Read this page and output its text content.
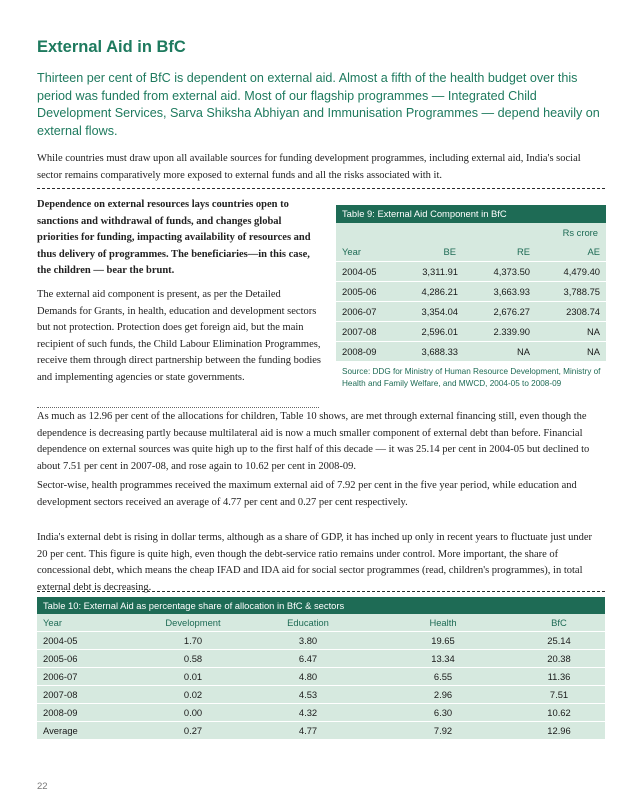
External Aid in BfC
Thirteen per cent of BfC is dependent on external aid. Almost a fifth of the health budget over this period was funded from external aid. Most of our flagship programmes — Integrated Child Development Services, Sarva Shiksha Abhiyan and Immunisation Programmes — depend heavily on external flows.
While countries must draw upon all available sources for funding development programmes, including external aid, India's social sector remains comparatively more exposed to external funds and all the risks associated with it.
Dependence on external resources lays countries open to sanctions and withdrawal of funds, and changes global priorities for funding, impacting availability of resources and thus delivery of programmes. The beneficiaries—in this case, the children — bear the brunt.
The external aid component is present, as per the Detailed Demands for Grants, in health, education and development sectors but not protection. Protection does get foreign aid, but the main recipient of such funds, the Child Labour Elimination Programmes, receive them through direct partnership between the funding bodies and implementing agencies or state governments.
Table 9: External Aid Component in BfC
Rs crore
Year	BE	RE	AE
2004-05	3,311.91	4,373.50	4,479.40
2005-06	4,286.21	3,663.93	3,788.75
2006-07	3,354.04	2,676.27	2308.74
2007-08	2,596.01	2.339.90	NA
2008-09	3,688.33	NA	NA
Source: DDG for Ministry of Human Resource Development, Ministry of Health and Family Welfare, and MWCD, 2004-05 to 2008-09
As much as 12.96 per cent of the allocations for children, Table 10 shows, are met through external financing still, even though the dependence is decreasing partly because multilateral aid is now a much smaller component of external debt than before. Financial dependence on external sources was quite high up to the first half of this decade — it was 25.14 per cent in 2004-05 but declined to about 7.51 per cent in 2007-08, and rose again to 10.62 per cent in 2008-09.
Sector-wise, health programmes received the maximum external aid of 7.92 per cent in the five year period, while education and development sectors received an average of 4.77 per cent and 0.27 per cent respectively.
India's external debt is rising in dollar terms, although as a share of GDP, it has inched up only in recent years to fluctuate just under 20 per cent. This figure is quite high, even though the debt-service ratio remains under control. More important, the share of concessional debt, which means the cheap IFAD and IDA aid for social sector programmes (read, children's programmes), in total external debt is decreasing.
Table 10: External Aid as percentage share of allocation in BfC & sectors
Year	Development	Education	Health	BfC
2004-05	1.70	3.80	19.65	25.14
2005-06	0.58	6.47	13.34	20.38
2006-07	0.01	4.80	6.55	11.36
2007-08	0.02	4.53	2.96	7.51
2008-09	0.00	4.32	6.30	10.62
Average	0.27	4.77	7.92	12.96
22
